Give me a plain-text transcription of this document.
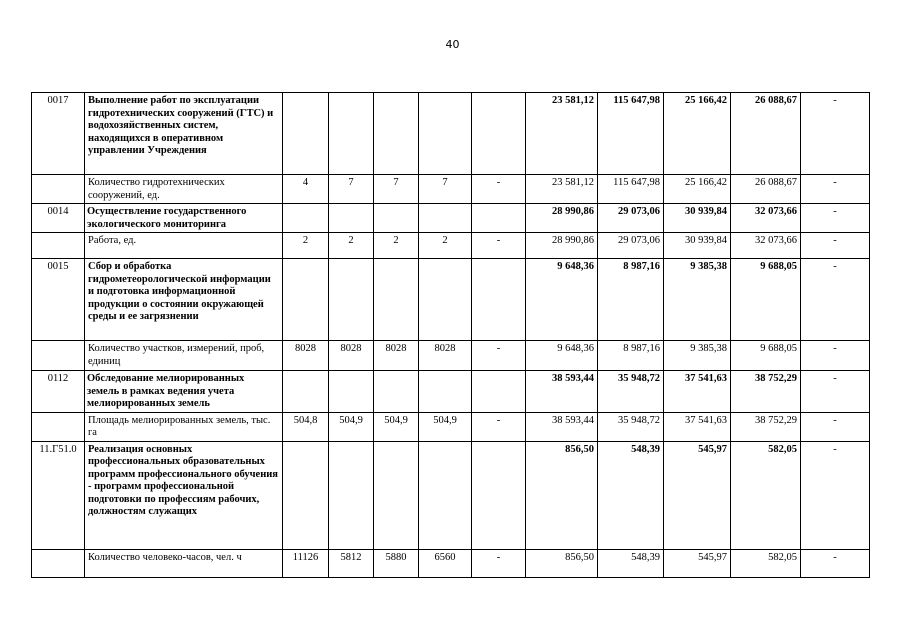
40
0017	Выполнение работ по эксплуатации гидротехнических сооружений (ГТС) и водохозяйственных систем, находящихся в оперативном управлении Учреждения						23 581,12	115 647,98	25 166,42	26 088,67	-
	Количество гидротехнических сооружений, ед.	4	7	7	7	-	23 581,12	115 647,98	25 166,42	26 088,67	-
0014	Осуществление государственного экологического мониторинга						28 990,86	29 073,06	30 939,84	32 073,66	-
	Работа, ед.	2	2	2	2	-	28 990,86	29 073,06	30 939,84	32 073,66	-
0015	Сбор и обработка гидрометеорологической информации и подготовка информационной продукции о состоянии окружающей среды и ее загрязнении						9 648,36	8 987,16	9 385,38	9 688,05	-
	Количество участков, измерений, проб, единиц	8028	8028	8028	8028	-	9 648,36	8 987,16	9 385,38	9 688,05	-
0112	Обследование мелиорированных земель в рамках ведения учета мелиорированных земель						38 593,44	35 948,72	37 541,63	38 752,29	-
	Площадь мелиорированных земель, тыс. га	504,8	504,9	504,9	504,9	-	38 593,44	35 948,72	37 541,63	38 752,29	-
11.Г51.0	Реализация основных профессиональных образовательных программ профессионального обучения - программ профессиональной подготовки по профессиям рабочих, должностям служащих						856,50	548,39	545,97	582,05	-
	Количество человеко-часов, чел. ч	11126	5812	5880	6560	-	856,50	548,39	545,97	582,05	-
